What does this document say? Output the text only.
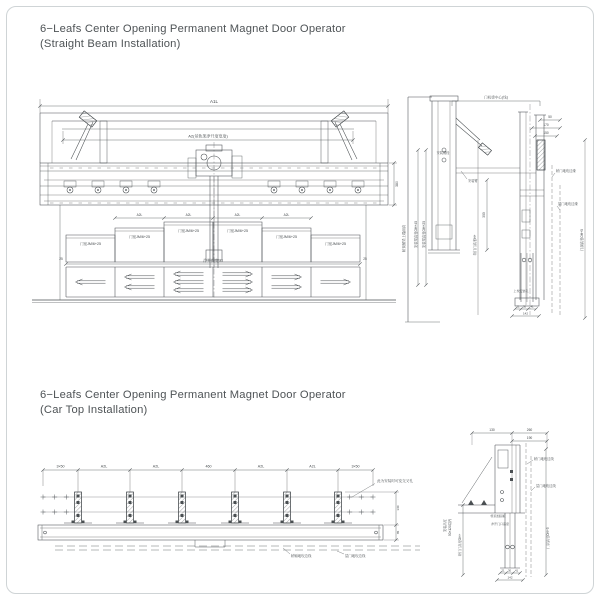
6−Leafs Center Opening Permanent Magnet Door Operator
(Straight Beam Installation)
A1L
A2(吊轨架净开度宽度)
380
A2L	A2L	A2L	A2L
门宽JM/6+25
门宽JM/6+25
门宽JM/6+25	门宽JM/6+25
门宽JM/6+25
门宽JM/6+25
净开门宽JJ
25	25
轿顶横梁上端面高	安装梁高度OH+45	安装梁高度OH+25
安装螺栓
安装臂
门机梁中心(线)
50
170
150
轿门地坎边缘
层门地坎边缘
300
轿门门高度H+	门洞高度OH+5
上坎安装孔
21 30 41
142
6−Leafs Center Opening Permanent Magnet Door Operator
(Car Top Installation)
3×50	A2L	A2L	460	A2L	A2L	3×50
此为安装时可变交叉孔
轿厢地坎边线	层门地坎边线
130
35
130	260
190
轿门地坎边线
层门地坎边线
安装高度 50×120以内
轿顶加固板
净开门口高度
轿门门高度OH+	门洞高度OH+5
21 30 41
142
